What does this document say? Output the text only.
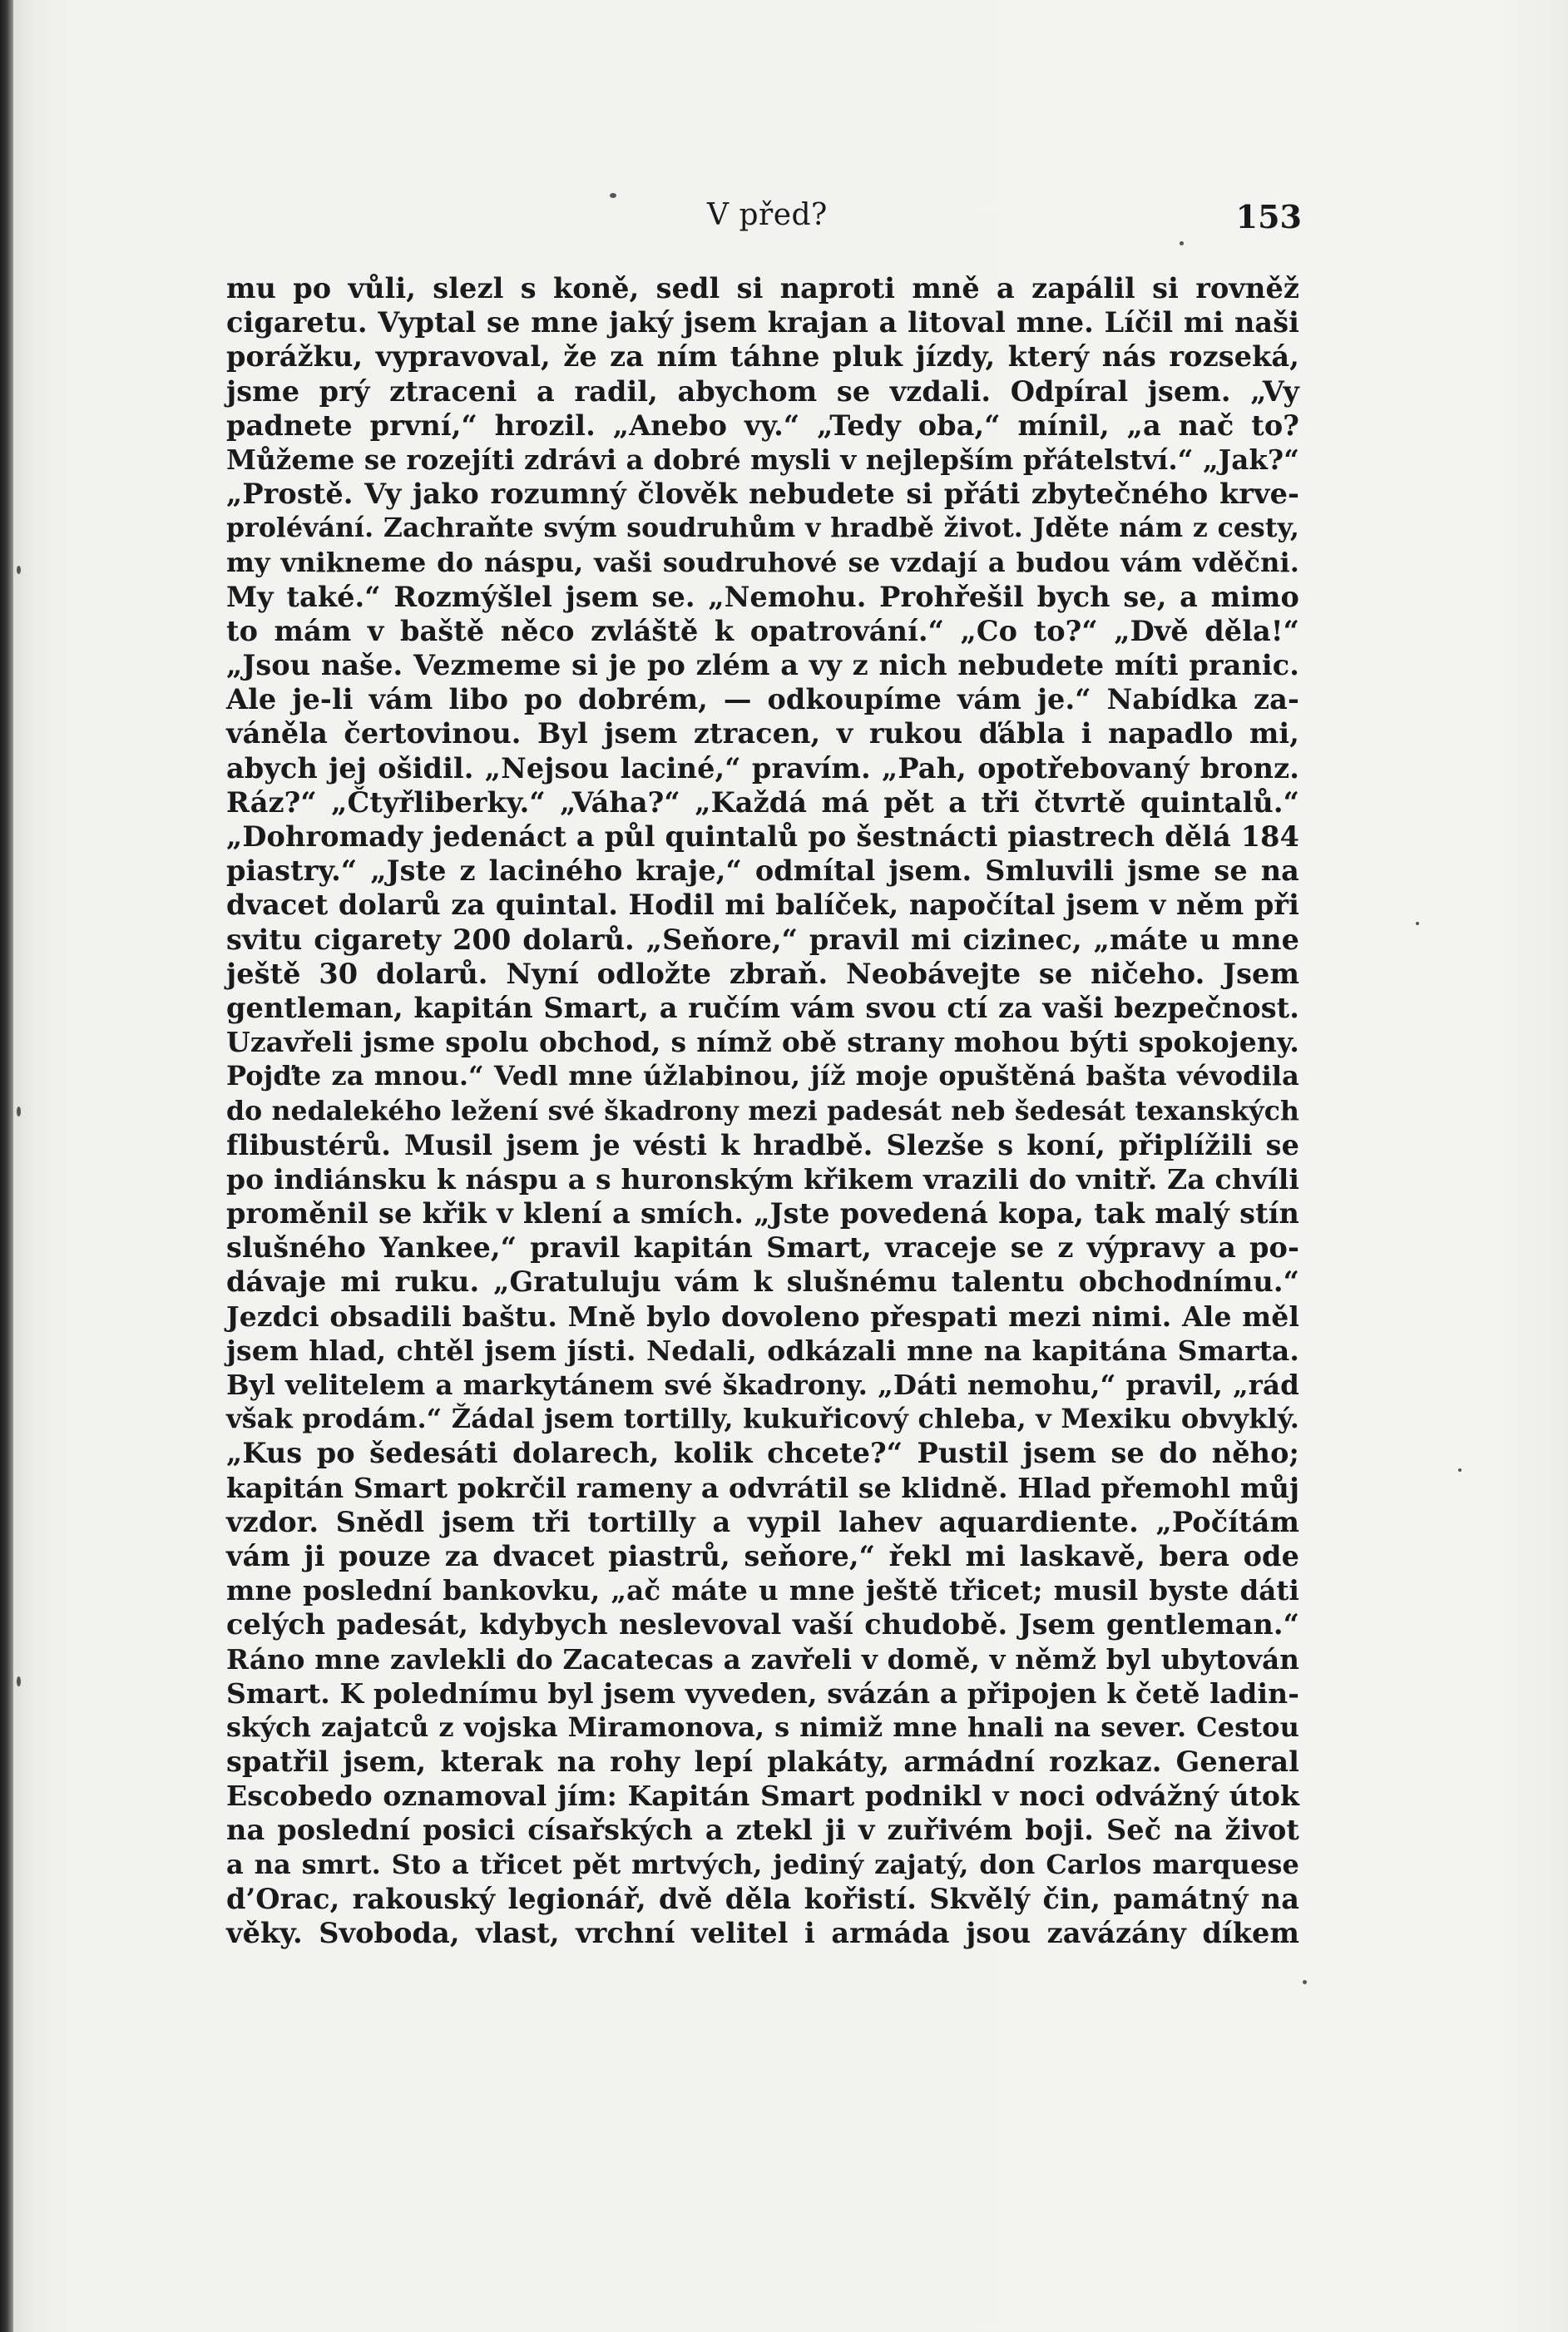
V před?	153
mu po vůli, slezl s koně, sedl si naproti mně a zapálil si rovněž
cigaretu. Vyptal se mne jaký jsem krajan a litoval mne. Líčil mi naši
porážku, vypravoval, že za ním táhne pluk jízdy, který nás rozseká,
jsme prý ztraceni a radil, abychom se vzdali. Odpíral jsem. „Vy
padnete první,“ hrozil. „Anebo vy.“ „Tedy oba,“ mínil, „a nač to?
Můžeme se rozejíti zdrávi a dobré mysli v nejlepším přátelství.“ „Jak?“
„Prostě. Vy jako rozumný člověk nebudete si přáti zbytečného krve-
prolévání. Zachraňte svým soudruhům v hradbě život. Jděte nám z cesty,
my vnikneme do náspu, vaši soudruhové se vzdají a budou vám vděčni.
My také.“ Rozmýšlel jsem se. „Nemohu. Prohřešil bych se, a mimo
to mám v baště něco zvláště k opatrování.“ „Co to?“ „Dvě děla!“
„Jsou naše. Vezmeme si je po zlém a vy z nich nebudete míti pranic.
Ale je-li vám libo po dobrém, — odkoupíme vám je.“ Nabídka za-
váněla čertovinou. Byl jsem ztracen, v rukou ďábla i napadlo mi,
abych jej ošidil. „Nejsou laciné,“ pravím. „Pah, opotřebovaný bronz.
Ráz?“ „Čtyřliberky.“ „Váha?“ „Každá má pět a tři čtvrtě quintalů.“
„Dohromady jedenáct a půl quintalů po šestnácti piastrech dělá 184
piastry.“ „Jste z laciného kraje,“ odmítal jsem. Smluvili jsme se na
dvacet dolarů za quintal. Hodil mi balíček, napočítal jsem v něm při
svitu cigarety 200 dolarů. „Seňore,“ pravil mi cizinec, „máte u mne
ještě 30 dolarů. Nyní odložte zbraň. Neobávejte se ničeho. Jsem
gentleman, kapitán Smart, a ručím vám svou ctí za vaši bezpečnost.
Uzavřeli jsme spolu obchod, s nímž obě strany mohou býti spokojeny.
Pojďte za mnou.“ Vedl mne úžlabinou, jíž moje opuštěná bašta vévodila
do nedalekého ležení své škadrony mezi padesát neb šedesát texanských
flibustérů. Musil jsem je vésti k hradbě. Slezše s koní, připlížili se
po indiánsku k náspu a s huronským křikem vrazili do vnitř. Za chvíli
proměnil se křik v klení a smích. „Jste povedená kopa, tak malý stín
slušného Yankee,“ pravil kapitán Smart, vraceje se z výpravy a po-
dávaje mi ruku. „Gratuluju vám k slušnému talentu obchodnímu.“
Jezdci obsadili baštu. Mně bylo dovoleno přespati mezi nimi. Ale měl
jsem hlad, chtěl jsem jísti. Nedali, odkázali mne na kapitána Smarta.
Byl velitelem a markytánem své škadrony. „Dáti nemohu,“ pravil, „rád
však prodám.“ Žádal jsem tortilly, kukuřicový chleba, v Mexiku obvyklý.
„Kus po šedesáti dolarech, kolik chcete?“ Pustil jsem se do něho;
kapitán Smart pokrčil rameny a odvrátil se klidně. Hlad přemohl můj
vzdor. Snědl jsem tři tortilly a vypil lahev aquardiente. „Počítám
vám ji pouze za dvacet piastrů, seňore,“ řekl mi laskavě, bera ode
mne poslední bankovku, „ač máte u mne ještě třicet; musil byste dáti
celých padesát, kdybych neslevoval vaší chudobě. Jsem gentleman.“
Ráno mne zavlekli do Zacatecas a zavřeli v domě, v němž byl ubytován
Smart. K polednímu byl jsem vyveden, svázán a připojen k četě ladin-
ských zajatců z vojska Miramonova, s nimiž mne hnali na sever. Cestou
spatřil jsem, kterak na rohy lepí plakáty, armádní rozkaz. General
Escobedo oznamoval jím: Kapitán Smart podnikl v noci odvážný útok
na poslední posici císařských a ztekl ji v zuřivém boji. Seč na život
a na smrt. Sto a třicet pět mrtvých, jediný zajatý, don Carlos marquese
d’Orac, rakouský legionář, dvě děla kořistí. Skvělý čin, památný na
věky. Svoboda, vlast, vrchní velitel i armáda jsou zavázány díkem
